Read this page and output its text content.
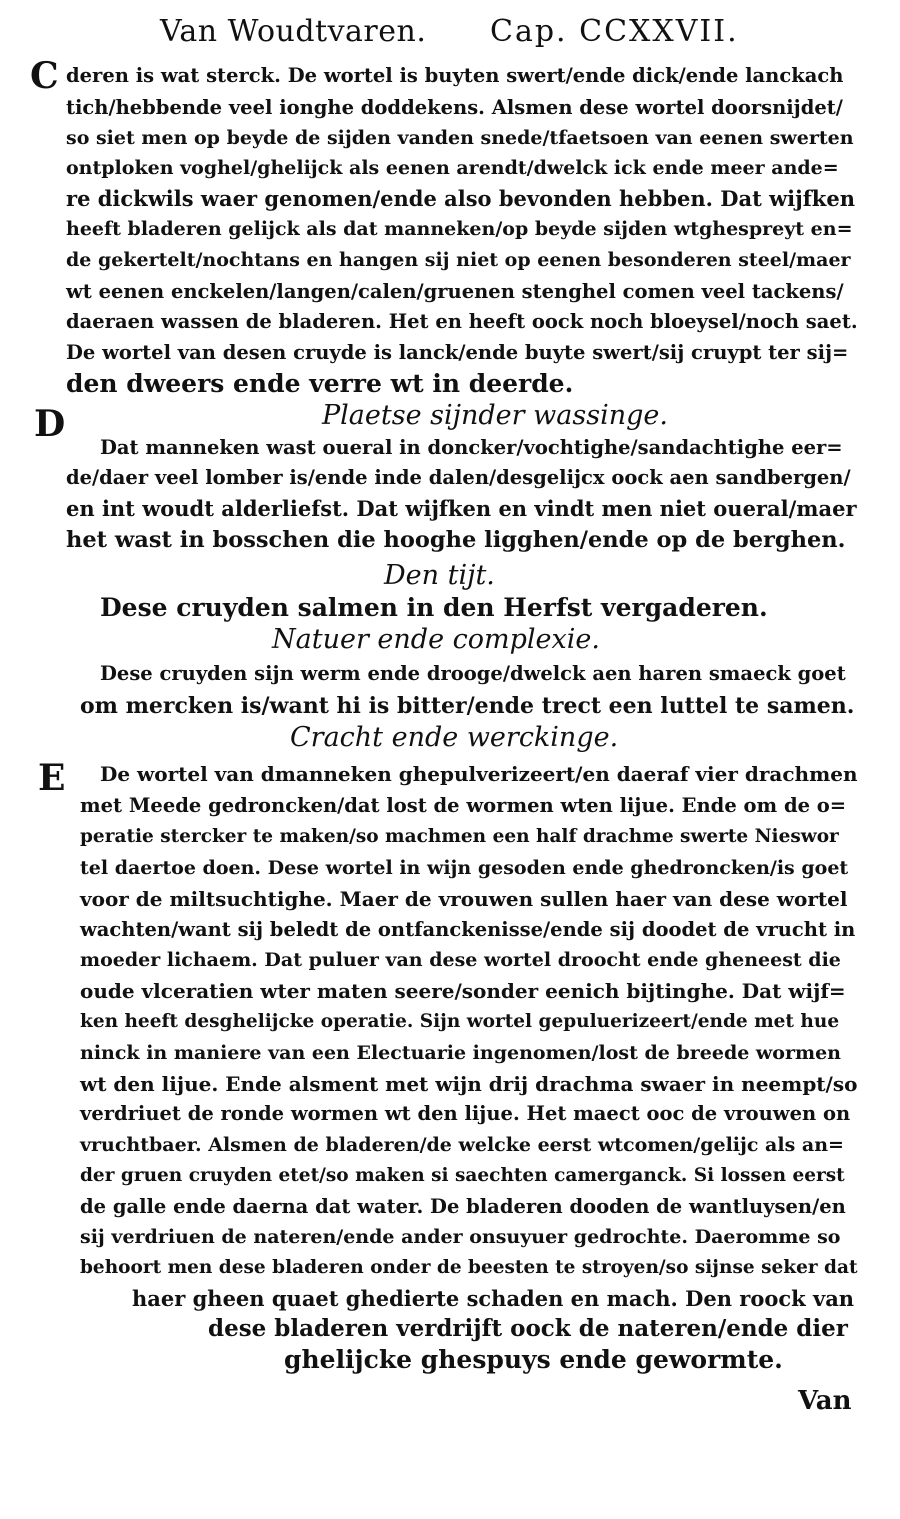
Van Woudtvaren. Cap. CCXXVII.
C deren is wat sterck. De wortel is buyten swert/ende dick/ende lanckach
tich/hebbende veel ionghe doddekens. Alsmen dese wortel doorsnijdet/
so siet men op beyde de sijden vanden snede/tfaetsoen van eenen swerten
ontploken voghel/ghelijck als eenen arendt/dwelck ick ende meer ande=
re dickwils waer genomen/ende also bevonden hebben. Dat wijfken
heeft bladeren gelijck als dat manneken/op beyde sijden wtghespreyt en=
de gekertelt/nochtans en hangen sij niet op eenen besonderen steel/maer
wt eenen enckelen/langen/calen/gruenen stenghel comen veel tackens/
daeraen wassen de bladeren. Het en heeft oock noch bloeysel/noch saet.
De wortel van desen cruyde is lanck/ende buyte swert/sij cruypt ter sij=
den dweers ende verre wt in deerde.
D	Plaetse sijnder wassinge.
Dat manneken wast oueral in doncker/vochtighe/sandachtighe eer=
de/daer veel lomber is/ende inde dalen/desgelijcx oock aen sandbergen/
en int woudt alderliefst. Dat wijfken en vindt men niet oueral/maer
het wast in bosschen die hooghe ligghen/ende op de berghen.
Den tijt.
Dese cruyden salmen in den Herfst vergaderen.
Natuer ende complexie.
Dese cruyden sijn werm ende drooge/dwelck aen haren smaeck goet
om mercken is/want hi is bitter/ende trect een luttel te samen.
Cracht ende werckinge.
E De wortel van dmanneken ghepulverizeert/en daeraf vier drachmen
met Meede gedroncken/dat lost de wormen wten lijue. Ende om de o=
peratie stercker te maken/so machmen een half drachme swerte Nieswor
tel daertoe doen. Dese wortel in wijn gesoden ende ghedroncken/is goet
voor de miltsuchtighe. Maer de vrouwen sullen haer van dese wortel
wachten/want sij beledt de ontfanckenisse/ende sij doodet de vrucht in
moeder lichaem. Dat puluer van dese wortel droocht ende gheneest die
oude vlceratien wter maten seere/sonder eenich bijtinghe. Dat wijf=
ken heeft desghelijcke operatie. Sijn wortel gepuluerizeert/ende met hue
ninck in maniere van een Electuarie ingenomen/lost de breede wormen
wt den lijue. Ende alsment met wijn drij drachma swaer in neempt/so
verdriuet de ronde wormen wt den lijue. Het maect ooc de vrouwen on
vruchtbaer. Alsmen de bladeren/de welcke eerst wtcomen/gelijc als an=
der gruen cruyden etet/so maken si saechten camerganck. Si lossen eerst
de galle ende daerna dat water. De bladeren dooden de wantluysen/en
sij verdriuen de nateren/ende ander onsuyuer gedrochte. Daeromme so
behoort men dese bladeren onder de beesten te stroyen/so sijnse seker dat
haer gheen quaet ghedierte schaden en mach. Den roock van
dese bladeren verdrijft oock de nateren/ende dier
ghelijcke ghespuys ende gewormte.
Van
